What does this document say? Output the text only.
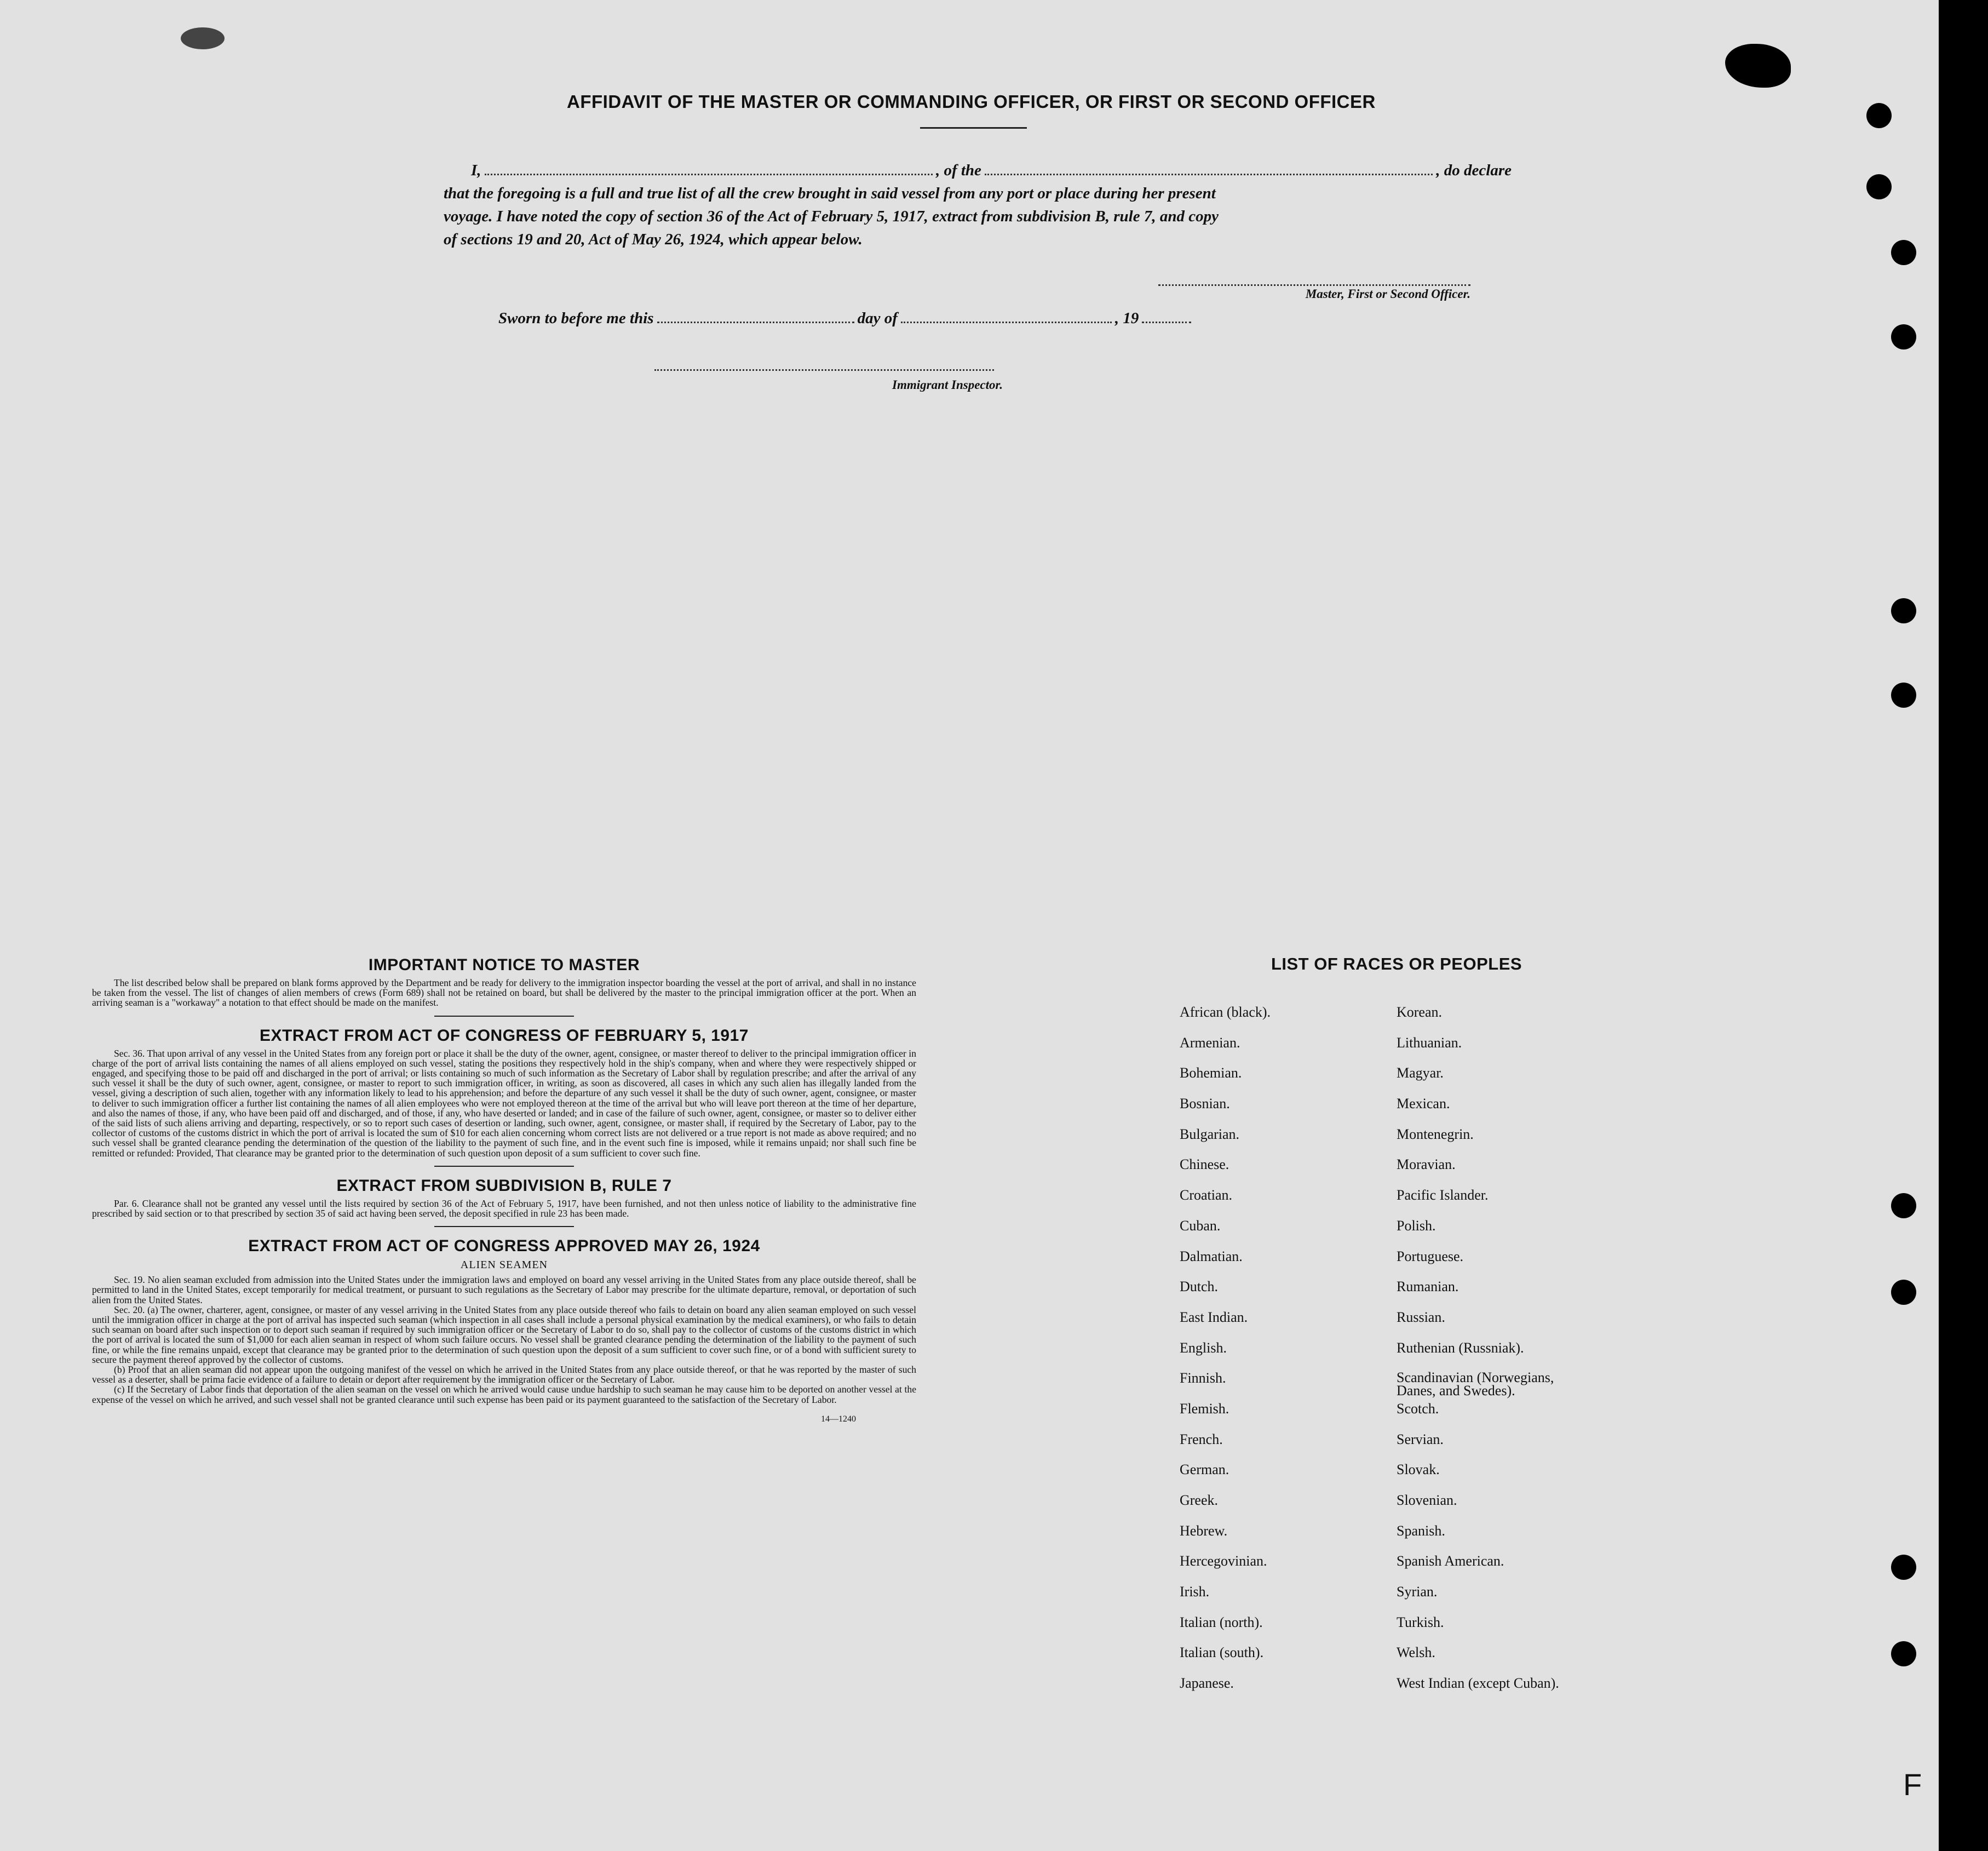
F
AFFIDAVIT OF THE MASTER OR COMMANDING OFFICER, OR FIRST OR SECOND OFFICER
I,	, of the	, do declare
that the foregoing is a full and true list of all the crew brought in said vessel from any port or place during her present
voyage. I have noted the copy of section 36 of the Act of February 5, 1917, extract from subdivision B, rule 7, and copy
of sections 19 and 20, Act of May 26, 1924, which appear below.
Master, First or Second Officer.
Sworn to before me this	day of	, 19
Immigrant Inspector.
IMPORTANT NOTICE TO MASTER

The list described below shall be prepared on blank forms approved by the Department and be ready for delivery to the immigration inspector boarding the vessel at the port of arrival, and shall in no instance be taken from the vessel. The list of changes of alien members of crews (Form 689) shall not be retained on board, but shall be delivered by the master to the principal immigration officer at the port. When an arriving seaman is a "workaway" a notation to that effect should be made on the manifest.

EXTRACT FROM ACT OF CONGRESS OF FEBRUARY 5, 1917

Sec. 36. That upon arrival of any vessel in the United States from any foreign port or place it shall be the duty of the owner, agent, consignee, or master thereof to deliver to the principal immigration officer in charge of the port of arrival lists containing the names of all aliens employed on such vessel, stating the positions they respectively hold in the ship's company, when and where they were respectively shipped or engaged, and specifying those to be paid off and discharged in the port of arrival; or lists containing so much of such information as the Secretary of Labor shall by regulation prescribe; and after the arrival of any such vessel it shall be the duty of such owner, agent, consignee, or master to report to such immigration officer, in writing, as soon as discovered, all cases in which any such alien has illegally landed from the vessel, giving a description of such alien, together with any information likely to lead to his apprehension; and before the departure of any such vessel it shall be the duty of such owner, agent, consignee, or master to deliver to such immigration officer a further list containing the names of all alien employees who were not employed thereon at the time of the arrival but who will leave port thereon at the time of her departure, and also the names of those, if any, who have been paid off and discharged, and of those, if any, who have deserted or landed; and in case of the failure of such owner, agent, consignee, or master so to deliver either of the said lists of such aliens arriving and departing, respectively, or so to report such cases of desertion or landing, such owner, agent, consignee, or master shall, if required by the Secretary of Labor, pay to the collector of customs of the customs district in which the port of arrival is located the sum of $10 for each alien concerning whom correct lists are not delivered or a true report is not made as above required; and no such vessel shall be granted clearance pending the determination of the question of the liability to the payment of such fine, and in the event such fine is imposed, while it remains unpaid; nor shall such fine be remitted or refunded: Provided, That clearance may be granted prior to the determination of such question upon deposit of a sum sufficient to cover such fine.

EXTRACT FROM SUBDIVISION B, RULE 7

Par. 6. Clearance shall not be granted any vessel until the lists required by section 36 of the Act of February 5, 1917, have been furnished, and not then unless notice of liability to the administrative fine prescribed by said section or to that prescribed by section 35 of said act having been served, the deposit specified in rule 23 has been made.

EXTRACT FROM ACT OF CONGRESS APPROVED MAY 26, 1924
ALIEN SEAMEN

Sec. 19. No alien seaman excluded from admission into the United States under the immigration laws and employed on board any vessel arriving in the United States from any place outside thereof, shall be permitted to land in the United States, except temporarily for medical treatment, or pursuant to such regulations as the Secretary of Labor may prescribe for the ultimate departure, removal, or deportation of such alien from the United States.

Sec. 20. (a) The owner, charterer, agent, consignee, or master of any vessel arriving in the United States from any place outside thereof who fails to detain on board any alien seaman employed on such vessel until the immigration officer in charge at the port of arrival has inspected such seaman (which inspection in all cases shall include a personal physical examination by the medical examiners), or who fails to detain such seaman on board after such inspection or to deport such seaman if required by such immigration officer or the Secretary of Labor to do so, shall pay to the collector of customs of the customs district in which the port of arrival is located the sum of $1,000 for each alien seaman in respect of whom such failure occurs. No vessel shall be granted clearance pending the determination of the liability to the payment of such fine, or while the fine remains unpaid, except that clearance may be granted prior to the determination of such question upon the deposit of a sum sufficient to cover such fine, or of a bond with sufficient surety to secure the payment thereof approved by the collector of customs.

(b) Proof that an alien seaman did not appear upon the outgoing manifest of the vessel on which he arrived in the United States from any place outside thereof, or that he was reported by the master of such vessel as a deserter, shall be prima facie evidence of a failure to detain or deport after requirement by the immigration officer or the Secretary of Labor.

(c) If the Secretary of Labor finds that deportation of the alien seaman on the vessel on which he arrived would cause undue hardship to such seaman he may cause him to be deported on another vessel at the expense of the vessel on which he arrived, and such vessel shall not be granted clearance until such expense has been paid or its payment guaranteed to the satisfaction of the Secretary of Labor.

14—1240
LIST OF RACES OR PEOPLES
African (black).	Korean.
Armenian.	Lithuanian.
Bohemian.	Magyar.
Bosnian.	Mexican.
Bulgarian.	Montenegrin.
Chinese.	Moravian.
Croatian.	Pacific Islander.
Cuban.	Polish.
Dalmatian.	Portuguese.
Dutch.	Rumanian.
East Indian.	Russian.
English.	Ruthenian (Russniak).
Finnish.	Scandinavian (Norwegians, Danes, and Swedes).
Flemish.	Scotch.
French.	Servian.
German.	Slovak.
Greek.	Slovenian.
Hebrew.	Spanish.
Hercegovinian.	Spanish American.
Irish.	Syrian.
Italian (north).	Turkish.
Italian (south).	Welsh.
Japanese.	West Indian (except Cuban).
